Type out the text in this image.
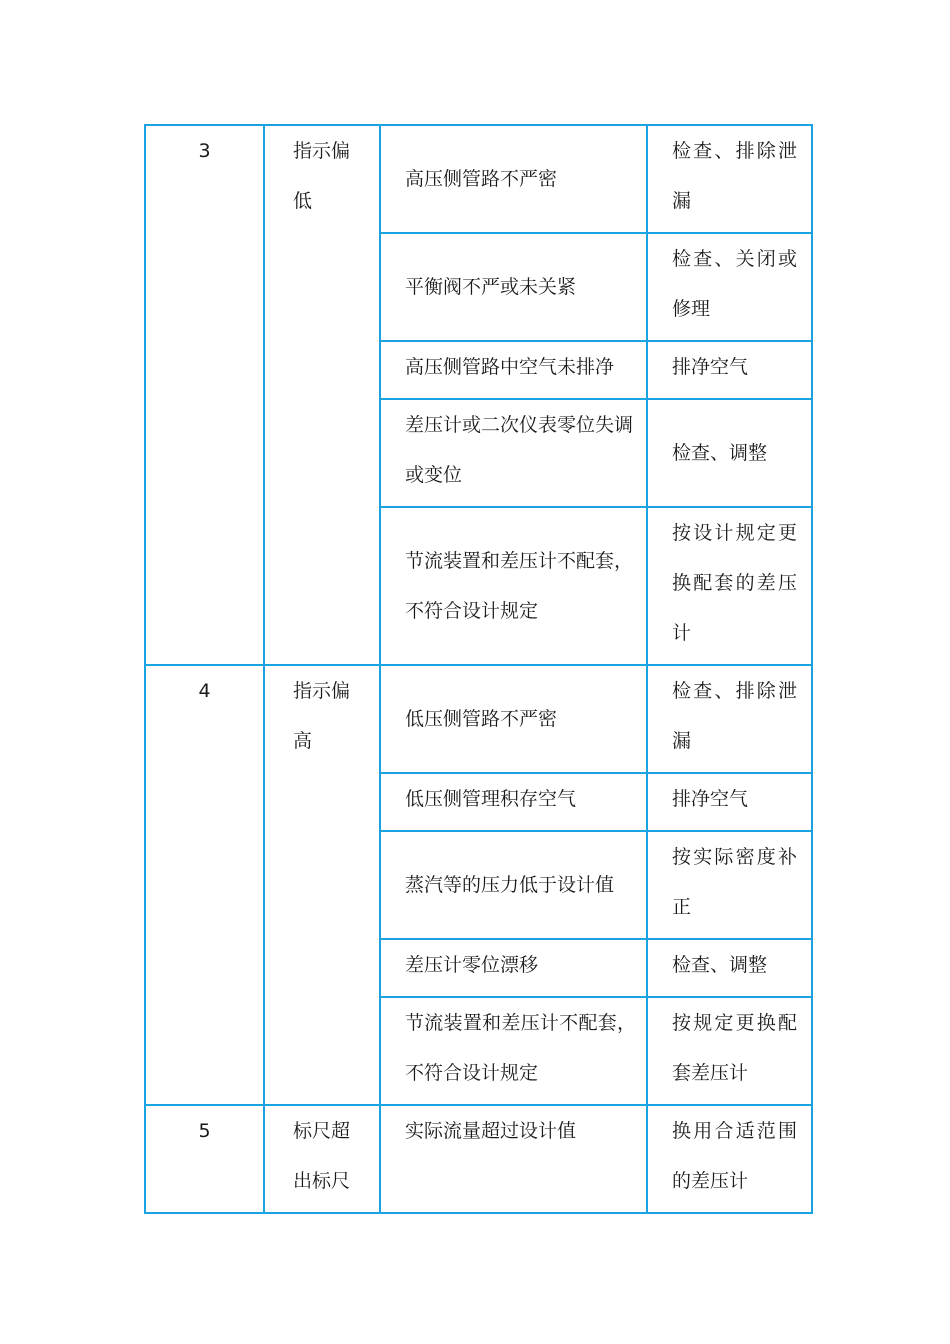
3	指示偏低	高压侧管路不严密	检查、排除泄漏

		平衡阀不严或未关紧	检查、关闭或修理

		高压侧管路中空气未排净	排净空气

		差压计或二次仪表零位失调或变位	检查、调整

		节流装置和差压计不配套，不符合设计规定	按设计规定更换配套的差压计

4	指示偏高	低压侧管路不严密	检查、排除泄漏

		低压侧管理积存空气	排净空气

		蒸汽等的压力低于设计值	按实际密度补正

		差压计零位漂移	检查、调整

		节流装置和差压计不配套，不符合设计规定	按规定更换配套差压计

5	标尺超出标尺	实际流量超过设计值	换用合适范围的差压计
